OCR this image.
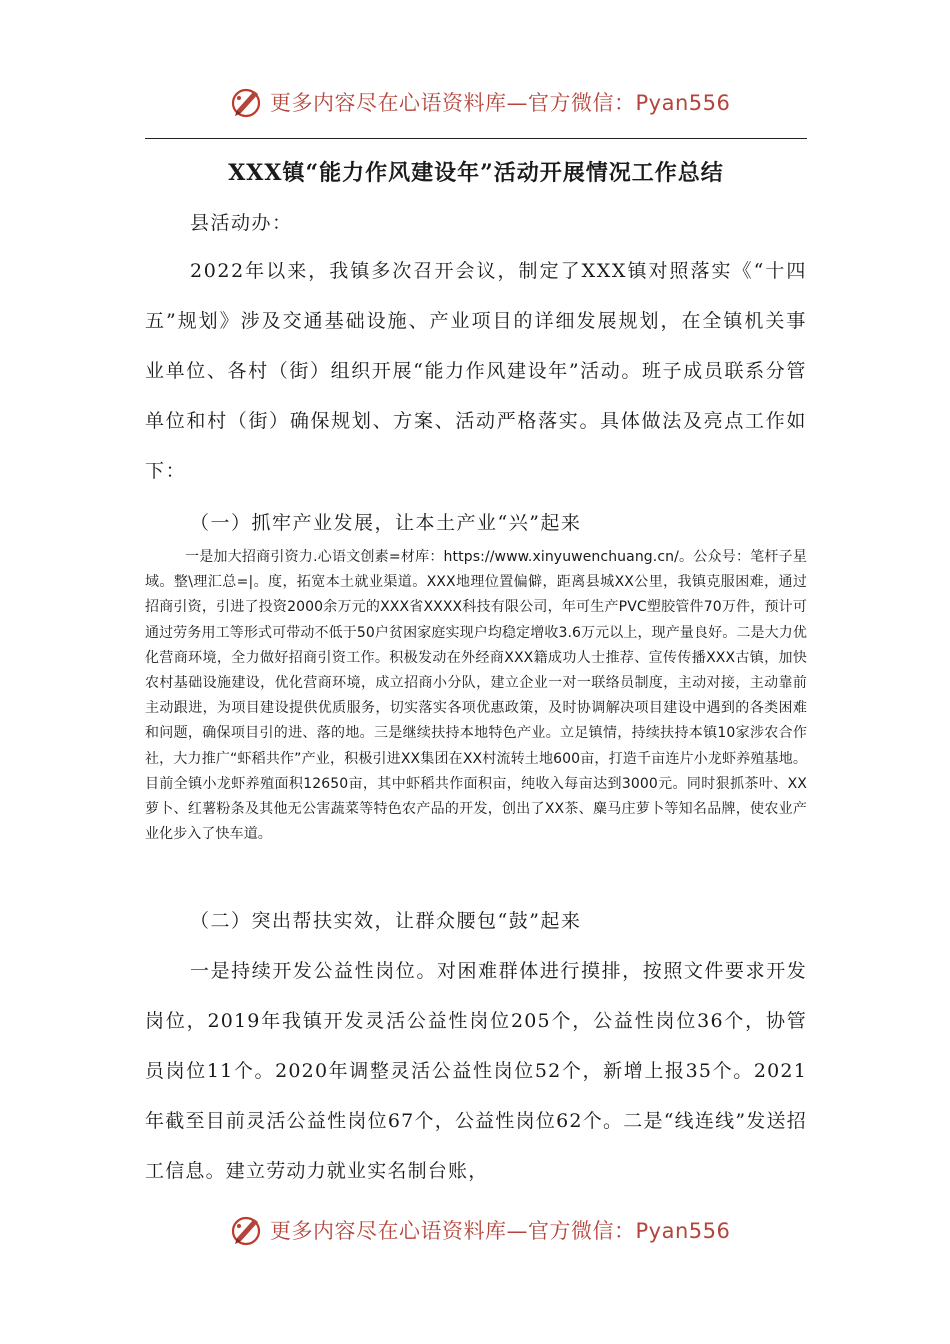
更多内容尽在心语资料库—官方微信：Pyan556
XXX镇“能力作风建设年”活动开展情况工作总结
县活动办：

2022年以来，我镇多次召开会议，制定了XXX镇对照落实《“十四五”规划》涉及交通基础设施、产业项目的详细发展规划，在全镇机关事业单位、各村（街）组织开展“能力作风建设年”活动。班子成员联系分管单位和村（街）确保规划、方案、活动严格落实。具体做法及亮点工作如下：

（一）抓牢产业发展，让本土产业“兴”起来

一是加大招商引资力.心语文创素=材库：https://www.xinyuwenchuang.cn/。公众号：笔杆子星域。整\理汇总=|。度，拓宽本土就业渠道。XXX地理位置偏僻，距离县城XX公里，我镇克服困难，通过招商引资，引进了投资2000余万元的XXX省XXXX科技有限公司，年可生产PVC塑胶管件70万件，预计可通过劳务用工等形式可带动不低于50户贫困家庭实现户均稳定增收3.6万元以上，现产量良好。二是大力优化营商环境，全力做好招商引资工作。积极发动在外经商XXX籍成功人士推荐、宣传传播XXX古镇，加快农村基础设施建设，优化营商环境，成立招商小分队，建立企业一对一联络员制度，主动对接，主动靠前主动跟进，为项目建设提供优质服务，切实落实各项优惠政策，及时协调解决项目建设中遇到的各类困难和问题，确保项目引的进、落的地。三是继续扶持本地特色产业。立足镇情，持续扶持本镇10家涉农合作社，大力推广“虾稻共作”产业，积极引进XX集团在XX村流转土地600亩，打造千亩连片小龙虾养殖基地。目前全镇小龙虾养殖面积12650亩，其中虾稻共作面积亩，纯收入每亩达到3000元。同时狠抓茶叶、XX萝卜、红薯粉条及其他无公害蔬菜等特色农产品的开发，创出了XX茶、麋马庄萝卜等知名品牌，使农业产业化步入了快车道。

（二）突出帮扶实效，让群众腰包“鼓”起来

一是持续开发公益性岗位。对困难群体进行摸排，按照文件要求开发岗位，2019年我镇开发灵活公益性岗位205个，公益性岗位36个，协管员岗位11个。2020年调整灵活公益性岗位52个，新增上报35个。2021年截至目前灵活公益性岗位67个，公益性岗位62个。二是“线连线”发送招工信息。建立劳动力就业实名制台账，

更多内容尽在心语资料库—官方微信：Pyan556
